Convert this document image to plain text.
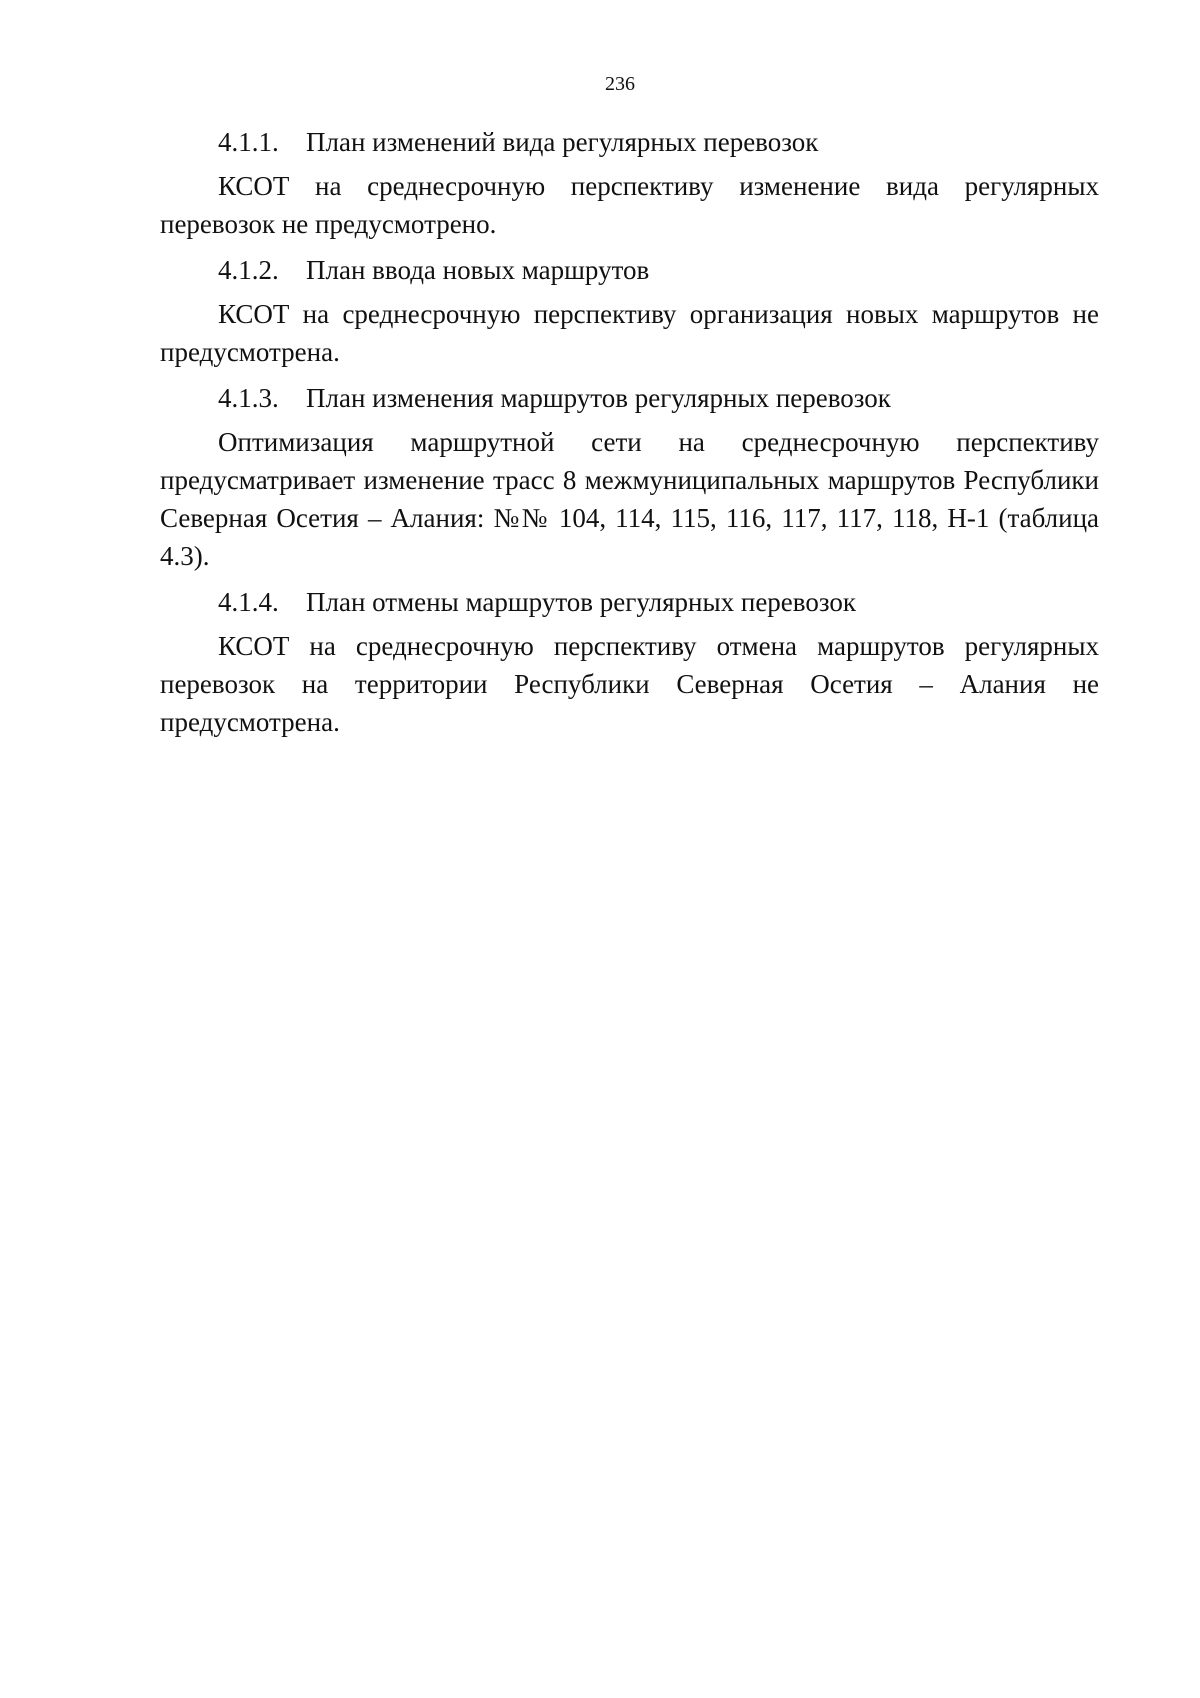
236
4.1.1. План изменений вида регулярных перевозок

КСОТ на среднесрочную перспективу изменение вида регулярных перевозок не предусмотрено.

4.1.2. План ввода новых маршрутов

КСОТ на среднесрочную перспективу организация новых маршрутов не предусмотрена.

4.1.3. План изменения маршрутов регулярных перевозок

Оптимизация маршрутной сети на среднесрочную перспективу предусматривает изменение трасс 8 межмуниципальных маршрутов Республики Северная Осетия – Алания: №№ 104, 114, 115, 116, 117, 117, 118, Н-1 (таблица 4.3).

4.1.4. План отмены маршрутов регулярных перевозок

КСОТ на среднесрочную перспективу отмена маршрутов регулярных перевозок на территории Республики Северная Осетия – Алания не предусмотрена.
